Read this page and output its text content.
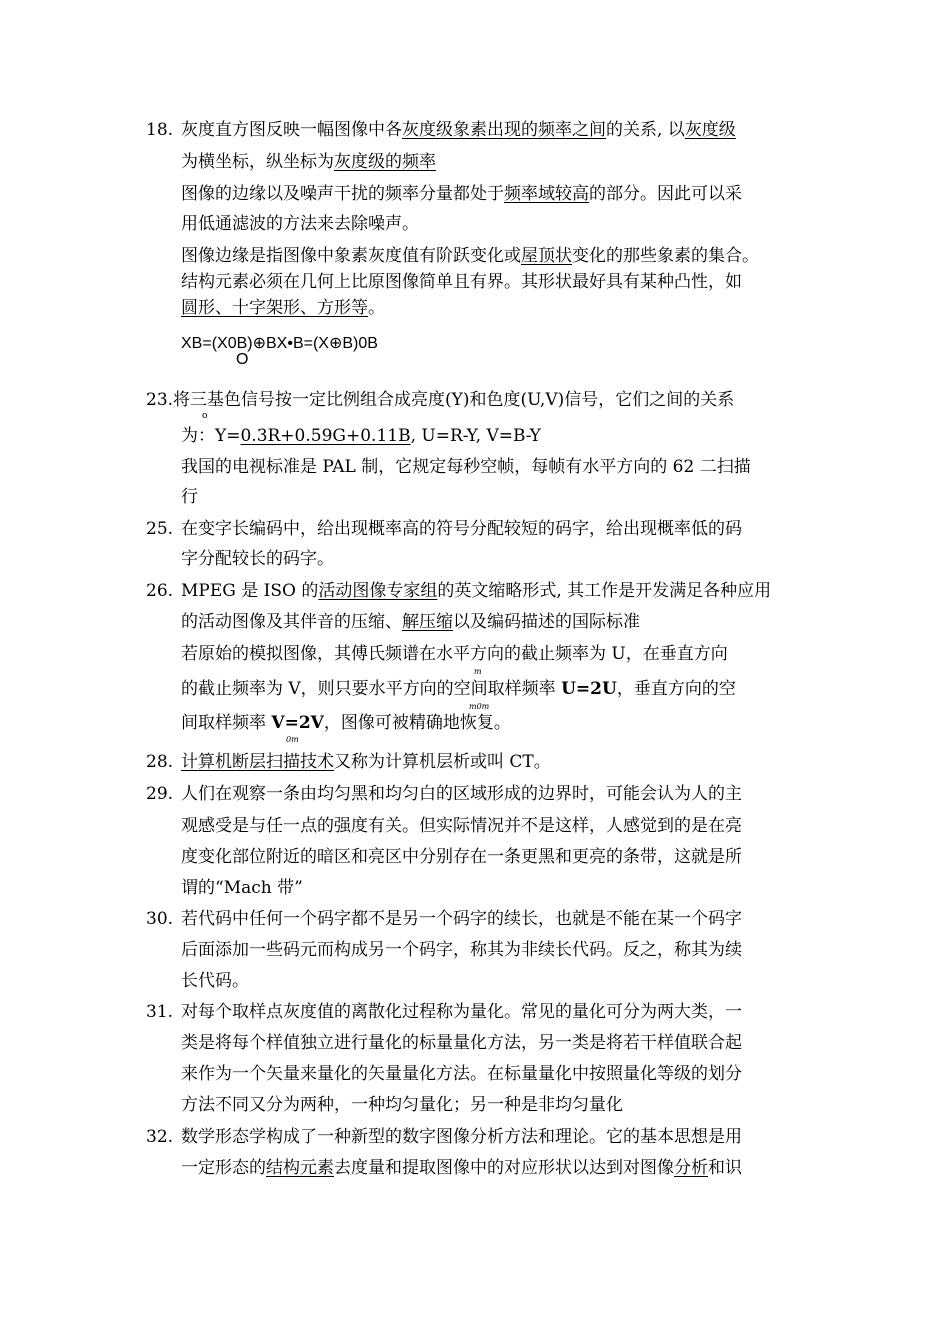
18. 灰度直方图反映一幅图像中各灰度级象素出现的频率之间的关系, 以灰度级
为横坐标，纵坐标为灰度级的频率
图像的边缘以及噪声干扰的频率分量都处于频率域较高的部分。因此可以采
用低通滤波的方法来去除噪声。
图像边缘是指图像中象素灰度值有阶跃变化或屋顶状变化的那些象素的集合。
结构元素必须在几何上比原图像简单且有界。其形状最好具有某种凸性，如
圆形、十字架形、方形等。
XB=(X0B)⊕BX•B=(X⊕B)0B
O
23.将三基色信号按一定比例组合成亮度(Y)和色度(U,V)信号，它们之间的关系
o
为：Y=0.3R+0.59G+0.11B, U=R-Y, V=B-Y
我国的电视标准是 PAL 制，它规定每秒空帧，每帧有水平方向的 62 二扫描
行
25. 在变字长编码中，给出现概率高的符号分配较短的码字，给出现概率低的码
字分配较长的码字。
26. MPEG 是 ISO 的活动图像专家组的英文缩略形式, 其工作是开发满足各种应用
的活动图像及其伴音的压缩、解压缩以及编码描述的国际标准
若原始的模拟图像，其傅氏频谱在水平方向的截止频率为 U，在垂直方向
m
的截止频率为 V，则只要水平方向的空间取样频率 U=2U，垂直方向的空
m0m
间取样频率 V=2V，图像可被精确地恢复。
0m
28. 计算机断层扫描技术又称为计算机层析或叫 CT。
29. 人们在观察一条由均匀黑和均匀白的区域形成的边界时，可能会认为人的主
观感受是与任一点的强度有关。但实际情况并不是这样，人感觉到的是在亮
度变化部位附近的暗区和亮区中分别存在一条更黑和更亮的条带，这就是所
谓的“Mach 带”
30. 若代码中任何一个码字都不是另一个码字的续长，也就是不能在某一个码字
后面添加一些码元而构成另一个码字，称其为非续长代码。反之，称其为续
长代码。
31. 对每个取样点灰度值的离散化过程称为量化。常见的量化可分为两大类，一
类是将每个样值独立进行量化的标量量化方法，另一类是将若干样值联合起
来作为一个矢量来量化的矢量量化方法。在标量量化中按照量化等级的划分
方法不同又分为两种，一种均匀量化；另一种是非均匀量化
32. 数学形态学构成了一种新型的数字图像分析方法和理论。它的基本思想是用
一定形态的结构元素去度量和提取图像中的对应形状以达到对图像分析和识
